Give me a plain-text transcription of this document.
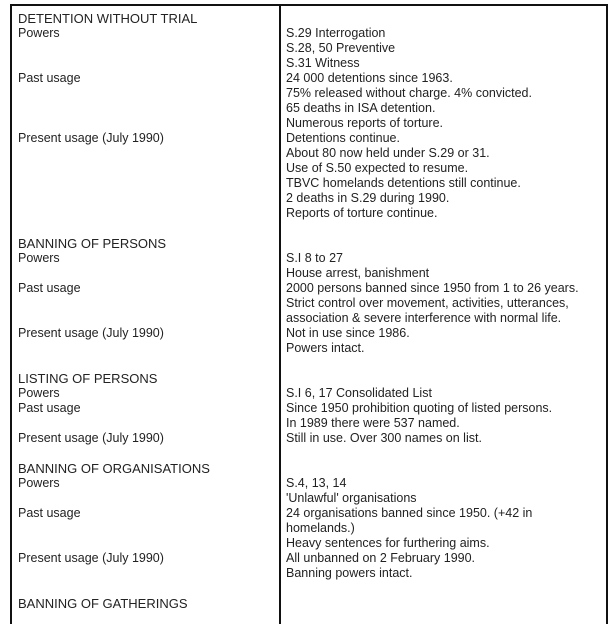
DETENTION WITHOUT TRIAL
Powers
Past usage
Present usage (July 1990)
BANNING OF PERSONS
Powers
Past usage
Present usage (July 1990)
LISTING OF PERSONS
Powers
Past usage
Present usage (July 1990)
BANNING OF ORGANISATIONS
Powers
Past usage
Present usage (July 1990)
BANNING OF GATHERINGS
S.29 Interrogation
S.28, 50 Preventive
S.31 Witness
24 000 detentions since 1963.
75% released without charge. 4% convicted.
65 deaths in ISA detention.
Numerous reports of torture.
Detentions continue.
About 80 now held under S.29 or 31.
Use of S.50 expected to resume.
TBVC homelands detentions still continue.
2 deaths in S.29 during 1990.
Reports of torture continue.
S.I 8 to 27
House arrest, banishment
2000 persons banned since 1950 from 1 to 26 years.
Strict control over movement, activities, utterances,
association & severe interference with normal life.
Not in use since 1986.
Powers intact.
S.I 6, 17 Consolidated List
Since 1950 prohibition quoting of listed persons.
In 1989 there were 537 named.
Still in use. Over 300 names on list.
S.4, 13, 14
'Unlawful' organisations
24 organisations banned since 1950. (+42 in
homelands.)
Heavy sentences for furthering aims.
All unbanned on 2 February 1990.
Banning powers intact.
